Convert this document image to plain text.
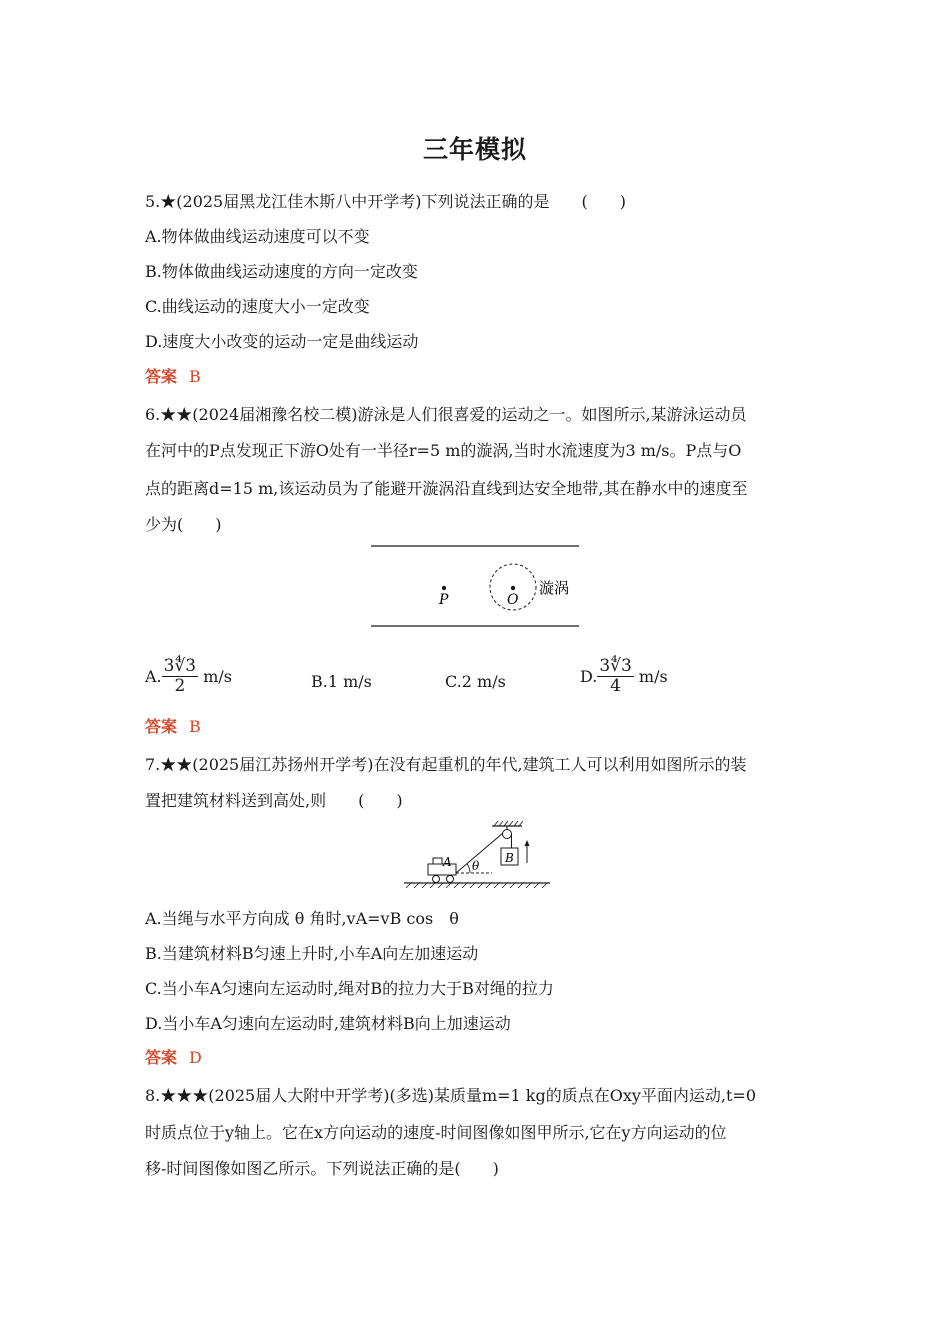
三年模拟
5.★(2025届黑龙江佳木斯八中开学考)下列说法正确的是　　(　　)
A.物体做曲线运动速度可以不变
B.物体做曲线运动速度的方向一定改变
C.曲线运动的速度大小一定改变
D.速度大小改变的运动一定是曲线运动
答案 B
6.★★(2024届湘豫名校二模)游泳是人们很喜爱的运动之一。如图所示,某游泳运动员
在河中的P点发现正下游O处有一半径r=5 m的漩涡,当时水流速度为3 m/s。P点与O
点的距离d=15 m,该运动员为了能避开漩涡沿直线到达安全地带,其在静水中的速度至
少为(　　)
P	O
漩涡
A. $\frac{3∜3}{2} m/s$	B.1 m/s	C.2 m/s	D. $\frac{3∜3}{4} m/s$
答案 B
7.★★(2025届江苏扬州开学考)在没有起重机的年代,建筑工人可以利用如图所示的装
置把建筑材料送到高处,则　　(　　)
B
θ
A
A.当绳与水平方向成 θ 角时,vA=vB cos　θ
B.当建筑材料B匀速上升时,小车A向左加速运动
C.当小车A匀速向左运动时,绳对B的拉力大于B对绳的拉力
D.当小车A匀速向左运动时,建筑材料B向上加速运动
答案 D
8.★★★(2025届人大附中开学考)(多选)某质量m=1 kg的质点在Oxy平面内运动,t=0
时质点位于y轴上。它在x方向运动的速度-时间图像如图甲所示,它在y方向运动的位
移-时间图像如图乙所示。下列说法正确的是(　　)
